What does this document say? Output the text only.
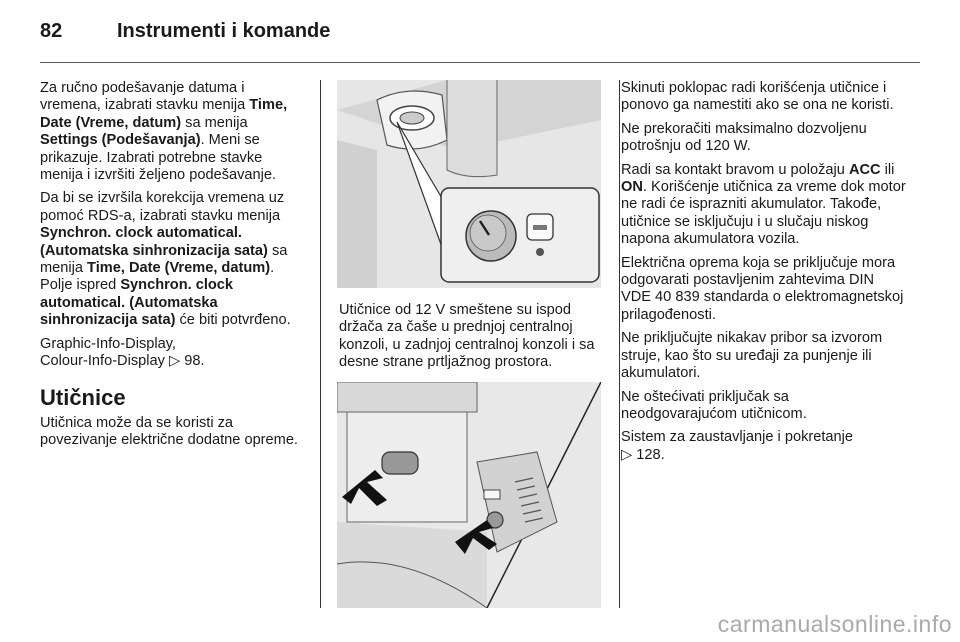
82	Instrumenti i komande

Za ručno podešavanje datuma i vremena, izabrati stavku menija Time, Date (Vreme, datum) sa menija Settings (Podešavanja). Meni se prikazuje. Izabrati potrebne stavke menija i izvršiti željeno podešavanje.

Da bi se izvršila korekcija vremena uz pomoć RDS-a, izabrati stavku menija Synchron. clock automatical. (Automatska sinhronizacija sata) sa menija Time, Date (Vreme, datum). Polje ispred Synchron. clock automatical. (Automatska sinhronizacija sata) će biti potvrđeno.

Graphic-Info-Display,
Colour-Info-Display ▷ 98.

Utičnice

Utičnica može da se koristi za povezivanje električne dodatne opreme.

Utičnice od 12 V smeštene su ispod držača za čaše u prednjoj centralnoj konzoli, u zadnjoj centralnoj konzoli i sa desne strane prtljažnog prostora.

Skinuti poklopac radi korišćenja utičnice i ponovo ga namestiti ako se ona ne koristi.

Ne prekoračiti maksimalno dozvoljenu potrošnju od 120 W.

Radi sa kontakt bravom u položaju ACC ili ON. Korišćenje utičnica za vreme dok motor ne radi će isprazniti akumulator. Takođe, utičnice se isključuju i u slučaju niskog napona akumulatora vozila.

Električna oprema koja se priključuje mora odgovarati postavljenim zahtevima DIN VDE 40 839 standarda o elektromagnetskoj prilagođenosti.

Ne priključujte nikakav pribor sa izvorom struje, kao što su uređaji za punjenje ili akumulatori.

Ne oštećivati priključak sa neodgovarajućom utičnicom.

Sistem za zaustavljanje i pokretanje
▷ 128.

carmanualsonline.info
